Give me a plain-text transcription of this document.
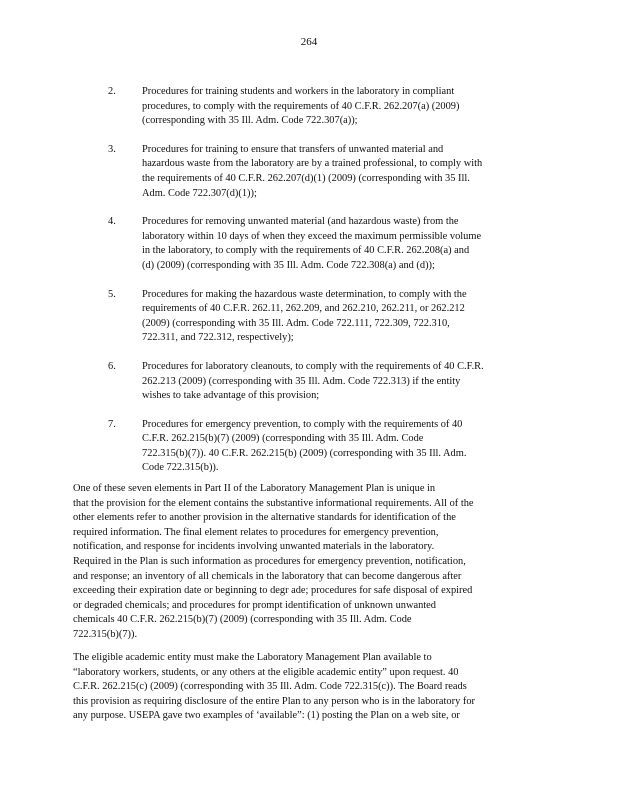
264
2.	Procedures for training students and workers in the laboratory in compliant
procedures, to comply with the requirements of 40 C.F.R. 262.207(a) (2009)
(corresponding with 35 Ill. Adm. Code 722.307(a));
3.	Procedures for training to ensure that transfers of unwanted material and
hazardous waste from the laboratory are by a trained professional, to comply with
the requirements of 40 C.F.R. 262.207(d)(1) (2009) (corresponding with 35 Ill.
Adm. Code 722.307(d)(1));
4.	Procedures for removing unwanted material (and hazardous waste) from the
laboratory within 10 days of when they exceed the maximum permissible volume
in the laboratory, to comply with the requirements of 40 C.F.R. 262.208(a) and
(d) (2009) (corresponding with 35 Ill. Adm. Code 722.308(a) and (d));
5.	Procedures for making the hazardous waste determination, to comply with the
requirements of 40 C.F.R. 262.11, 262.209, and 262.210, 262.211, or 262.212
(2009) (corresponding with 35 Ill. Adm. Code 722.111, 722.309, 722.310,
722.311, and 722.312, respectively);
6.	Procedures for laboratory cleanouts, to comply with the requirements of 40 C.F.R.
262.213 (2009) (corresponding with 35 Ill. Adm. Code 722.313) if the entity
wishes to take advantage of this provision;
7.	Procedures for emergency prevention, to comply with the requirements of 40
C.F.R. 262.215(b)(7) (2009) (corresponding with 35 Ill. Adm. Code
722.315(b)(7)). 40 C.F.R. 262.215(b) (2009) (corresponding with 35 Ill. Adm.
Code 722.315(b)).

One of these seven elements in Part II of the Laboratory Management Plan is unique in
that the provision for the element contains the substantive informational requirements. All of the
other elements refer to another provision in the alternative standards for identification of the
required information. The final element relates to procedures for emergency prevention,
notification, and response for incidents involving unwanted materials in the laboratory.
Required in the Plan is such information as procedures for emergency prevention, notification,
and response; an inventory of all chemicals in the laboratory that can become dangerous after
exceeding their expiration date or beginning to degr ade; procedures for safe disposal of expired
or degraded chemicals; and procedures for prompt identification of unknown unwanted
chemicals 40 C.F.R. 262.215(b)(7) (2009) (corresponding with 35 Ill. Adm. Code
722.315(b)(7)).

The eligible academic entity must make the Laboratory Management Plan available to
“laboratory workers, students, or any others at the eligible academic entity” upon request. 40
C.F.R. 262.215(c) (2009) (corresponding with 35 Ill. Adm. Code 722.315(c)). The Board reads
this provision as requiring disclosure of the entire Plan to any person who is in the laboratory for
any purpose. USEPA gave two examples of ‘available”: (1) posting the Plan on a web site, or
